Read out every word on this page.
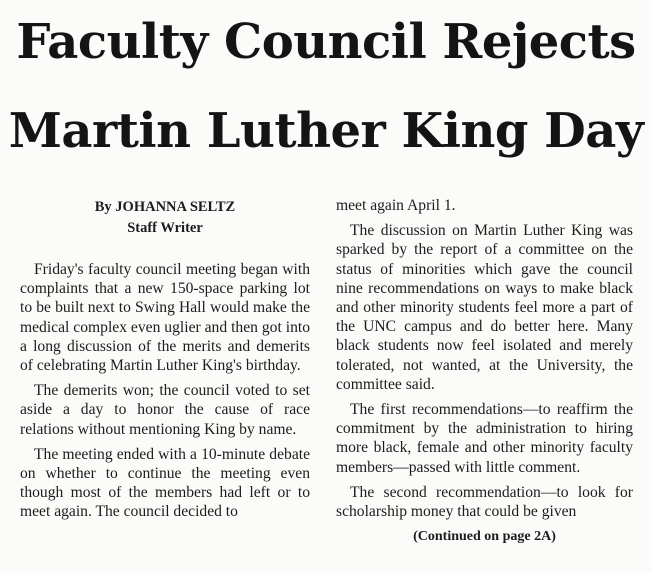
Faculty Council Rejects
Martin Luther King Day
By JOHANNA SELTZ
Staff Writer

Friday's faculty council meeting began with complaints that a new 150-space parking lot to be built next to Swing Hall would make the medical complex even uglier and then got into a long discussion of the merits and demerits of celebrating Martin Luther King's birthday.

The demerits won; the council voted to set aside a day to honor the cause of race relations without mentioning King by name.

The meeting ended with a 10-minute debate on whether to continue the meeting even though most of the members had left or to meet again. The council decided to

meet again April 1.

The discussion on Martin Luther King was sparked by the report of a committee on the status of minorities which gave the council nine recommendations on ways to make black and other minority students feel more a part of the UNC campus and do better here. Many black students now feel isolated and merely tolerated, not wanted, at the University, the committee said.

The first recommendations—to reaffirm the commitment by the administration to hiring more black, female and other minority faculty members—passed with little comment.

The second recommendation—to look for scholarship money that could be given

(Continued on page 2A)
